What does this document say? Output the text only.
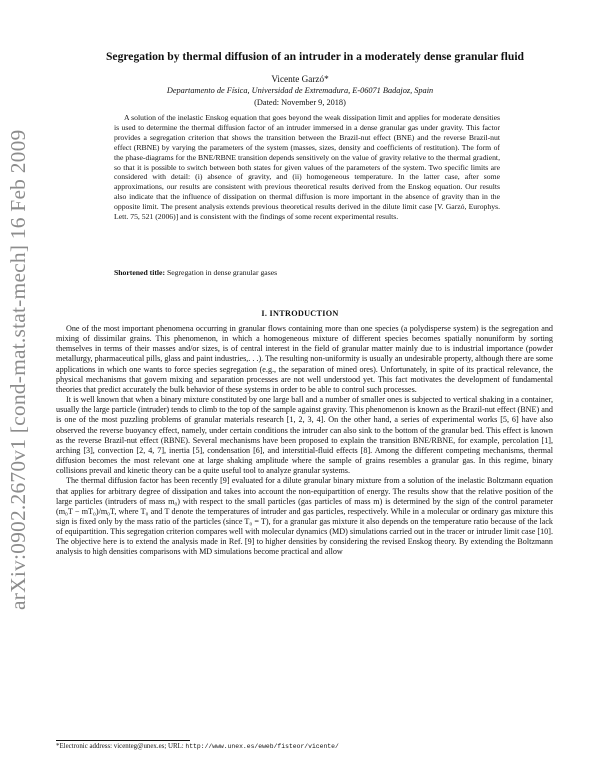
arXiv:0902.2670v1 [cond-mat.stat-mech] 16 Feb 2009
Segregation by thermal diffusion of an intruder in a moderately dense granular fluid
Vicente Garzó*
Departamento de Física, Universidad de Extremadura, E-06071 Badajoz, Spain
(Dated: November 9, 2018)

A solution of the inelastic Enskog equation that goes beyond the weak dissipation limit and applies for moderate densities is used to determine the thermal diffusion factor of an intruder immersed in a dense granular gas under gravity. This factor provides a segregation criterion that shows the transition between the Brazil-nut effect (BNE) and the reverse Brazil-nut effect (RBNE) by varying the parameters of the system (masses, sizes, density and coefficients of restitution). The form of the phase-diagrams for the BNE/RBNE transition depends sensitively on the value of gravity relative to the thermal gradient, so that it is possible to switch between both states for given values of the parameters of the system. Two specific limits are considered with detail: (i) absence of gravity, and (ii) homogeneous temperature. In the latter case, after some approximations, our results are consistent with previous theoretical results derived from the Enskog equation. Our results also indicate that the influence of dissipation on thermal diffusion is more important in the absence of gravity than in the opposite limit. The present analysis extends previous theoretical results derived in the dilute limit case [V. Garzó, Europhys. Lett. 75, 521 (2006)] and is consistent with the findings of some recent experimental results.

Shortened title: Segregation in dense granular gases
I. INTRODUCTION

One of the most important phenomena occurring in granular flows containing more than one species (a polydisperse system) is the segregation and mixing of dissimilar grains. This phenomenon, in which a homogeneous mixture of different species becomes spatially nonuniform by sorting themselves in terms of their masses and/or sizes, is of central interest in the field of granular matter mainly due to is industrial importance (powder metallurgy, pharmaceutical pills, glass and paint industries,. . .). The resulting non-uniformity is usually an undesirable property, although there are some applications in which one wants to force species segregation (e.g., the separation of mined ores). Unfortunately, in spite of its practical relevance, the physical mechanisms that govern mixing and separation processes are not well understood yet. This fact motivates the development of fundamental theories that predict accurately the bulk behavior of these systems in order to be able to control such processes.

It is well known that when a binary mixture constituted by one large ball and a number of smaller ones is subjected to vertical shaking in a container, usually the large particle (intruder) tends to climb to the top of the sample against gravity. This phenomenon is known as the Brazil-nut effect (BNE) and is one of the most puzzling problems of granular materials research [1, 2, 3, 4]. On the other hand, a series of experimental works [5, 6] have also observed the reverse buoyancy effect, namely, under certain conditions the intruder can also sink to the bottom of the granular bed. This effect is known as the reverse Brazil-nut effect (RBNE). Several mechanisms have been proposed to explain the transition BNE/RBNE, for example, percolation [1], arching [3], convection [2, 4, 7], inertia [5], condensation [6], and interstitial-fluid effects [8]. Among the different competing mechanisms, thermal diffusion becomes the most relevant one at large shaking amplitude where the sample of grains resembles a granular gas. In this regime, binary collisions prevail and kinetic theory can be a quite useful tool to analyze granular systems.

The thermal diffusion factor has been recently [9] evaluated for a dilute granular binary mixture from a solution of the inelastic Boltzmann equation that applies for arbitrary degree of dissipation and takes into account the non-equipartition of energy. The results show that the relative position of the large particles (intruders of mass m₀) with respect to the small particles (gas particles of mass m) is determined by the sign of the control parameter (m₀T − mT₀)/m₀T, where T₀ and T denote the temperatures of intruder and gas particles, respectively. While in a molecular or ordinary gas mixture this sign is fixed only by the mass ratio of the particles (since T₀ = T), for a granular gas mixture it also depends on the temperature ratio because of the lack of equipartition. This segregation criterion compares well with molecular dynamics (MD) simulations carried out in the tracer or intruder limit case [10]. The objective here is to extend the analysis made in Ref. [9] to higher densities by considering the revised Enskog theory. By extending the Boltzmann analysis to high densities comparisons with MD simulations become practical and allow

*Electronic address: vicenteg@unex.es; URL: http://www.unex.es/eweb/fisteor/vicente/
